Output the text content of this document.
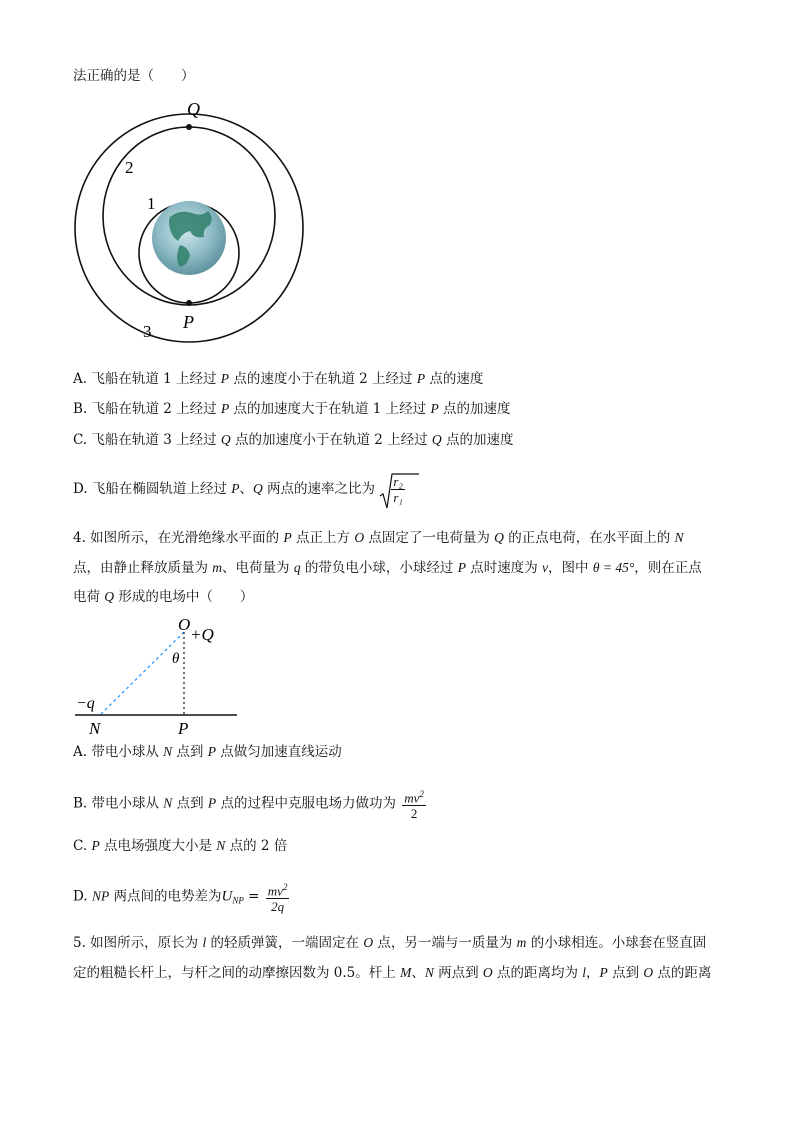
法正确的是（　　）
Q
P
2
1
3
A. 飞船在轨道 1 上经过 P 点的速度小于在轨道 2 上经过 P 点的速度
B. 飞船在轨道 2 上经过 P 点的加速度大于在轨道 1 上经过 P 点的加速度
C. 飞船在轨道 3 上经过 Q 点的加速度小于在轨道 2 上经过 Q 点的加速度
D. 飞船在椭圆轨道上经过 P、Q 两点的速率之比为 $\frac{\text{r₂}}{\text{r₁}}$
4. 如图所示，在光滑绝缘水平面的 P 点正上方 O 点固定了一电荷量为 Q 的正点电荷，在水平面上的 N
点，由静止释放质量为 m、电荷量为 q 的带负电小球，小球经过 P 点时速度为 v，图中 θ = 45°，则在正点
电荷 Q 形成的电场中（　　）
O
+Q
θ
−q
N	P
A. 带电小球从 N 点到 P 点做匀加速直线运动
B. 带电小球从 N 点到 P 点的过程中克服电场力做功为 $\frac{mv^2}{2}$
C. P 点电场强度大小是 N 点的 2 倍
D. NP 两点间的电势差为$U_{NP} = \frac{mv^2}{2q}$
5. 如图所示，原长为 l 的轻质弹簧，一端固定在 O 点，另一端与一质量为 m 的小球相连。小球套在竖直固
定的粗糙长杆上，与杆之间的动摩擦因数为 0.5。杆上 M、N 两点到 O 点的距离均为 l，P 点到 O 点的距离
